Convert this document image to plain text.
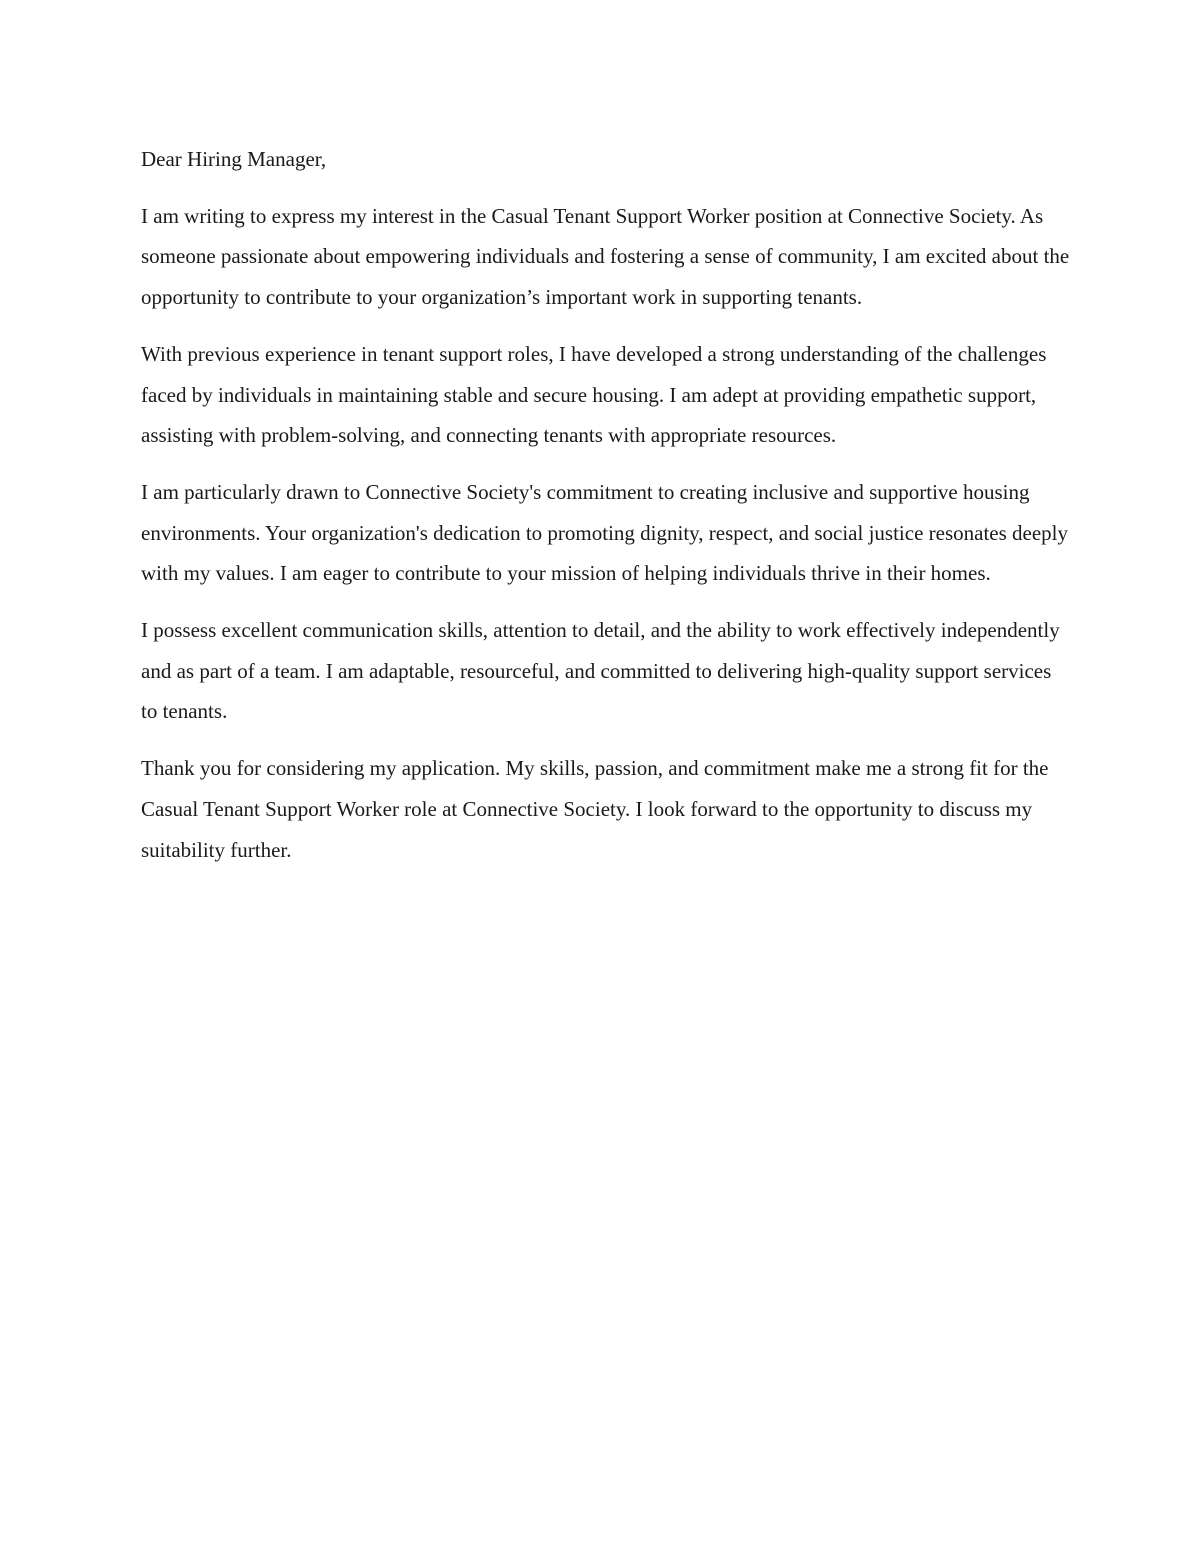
Dear Hiring Manager,

I am writing to express my interest in the Casual Tenant Support Worker position at Connective Society. As someone passionate about empowering individuals and fostering a sense of community, I am excited about the opportunity to contribute to your organization’s important work in supporting tenants.

With previous experience in tenant support roles, I have developed a strong understanding of the challenges faced by individuals in maintaining stable and secure housing. I am adept at providing empathetic support, assisting with problem-solving, and connecting tenants with appropriate resources.

I am particularly drawn to Connective Society's commitment to creating inclusive and supportive housing environments. Your organization's dedication to promoting dignity, respect, and social justice resonates deeply with my values. I am eager to contribute to your mission of helping individuals thrive in their homes.

I possess excellent communication skills, attention to detail, and the ability to work effectively independently and as part of a team. I am adaptable, resourceful, and committed to delivering high-quality support services to tenants.

Thank you for considering my application. My skills, passion, and commitment make me a strong fit for the Casual Tenant Support Worker role at Connective Society. I look forward to the opportunity to discuss my suitability further.
